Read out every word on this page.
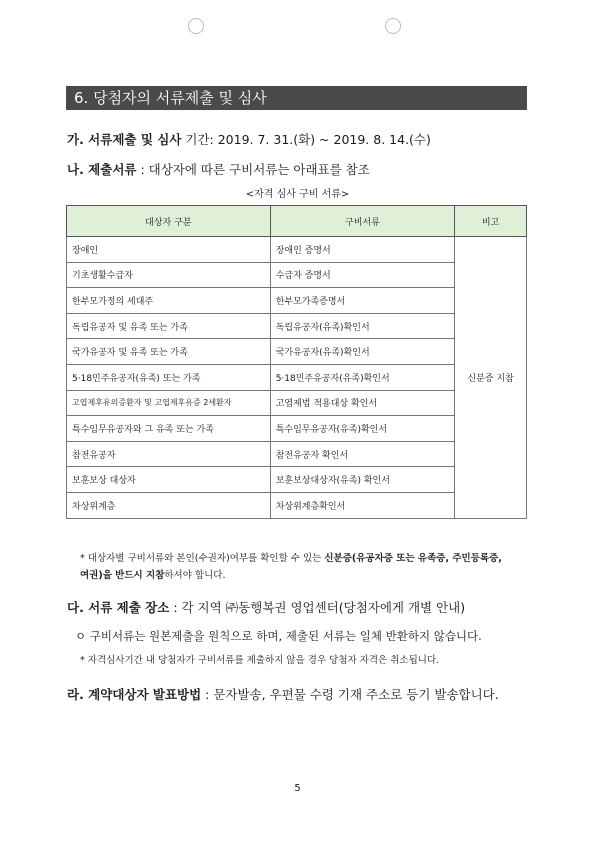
6. 당첨자의 서류제출 및 심사
가. 서류제출 및 심사 기간: 2019. 7. 31.(화) ~ 2019. 8. 14.(수)
나. 제출서류 : 대상자에 따른 구비서류는 아래표를 참조
<자격 심사 구비 서류>
대상자 구분	구비서류	비고
장애인	장애인 증명서	신분증 지참
기초생활수급자	수급자 증명서	
한부모가정의 세대주	한부모가족증명서	
독립유공자 및 유족 또는 가족	독립유공자(유족)확인서	
국가유공자 및 유족 또는 가족	국가유공자(유족)확인서	
5·18민주유공자(유족) 또는 가족	5·18민주유공자(유족)확인서	
고엽제후유의증환자 및 고엽제후유증 2세환자	고엽제법 적용대상 확인서	
특수임무유공자와 그 유족 또는 가족	특수임무유공자(유족)확인서	
참전유공자	참전유공자 확인서	
보훈보상 대상자	보훈보상대상자(유족) 확인서	
차상위계층	차상위계층확인서	
* 대상자별 구비서류와 본인(수권자)여부를 확인할 수 있는 신분증(유공자증 또는 유족증, 주민등록증,
여권)을 반드시 지참하셔야 합니다.
다. 서류 제출 장소 : 각 지역 ㈜동행복권 영업센터(당첨자에게 개별 안내)
ㅇ 구비서류는 원본제출을 원칙으로 하며, 제출된 서류는 일체 반환하지 않습니다.
* 자격심사기간 내 당첨자가 구비서류를 제출하지 않을 경우 당첨자 자격은 취소됩니다.
라. 계약대상자 발표방법 : 문자발송, 우편물 수령 기재 주소로 등기 발송합니다.
5
